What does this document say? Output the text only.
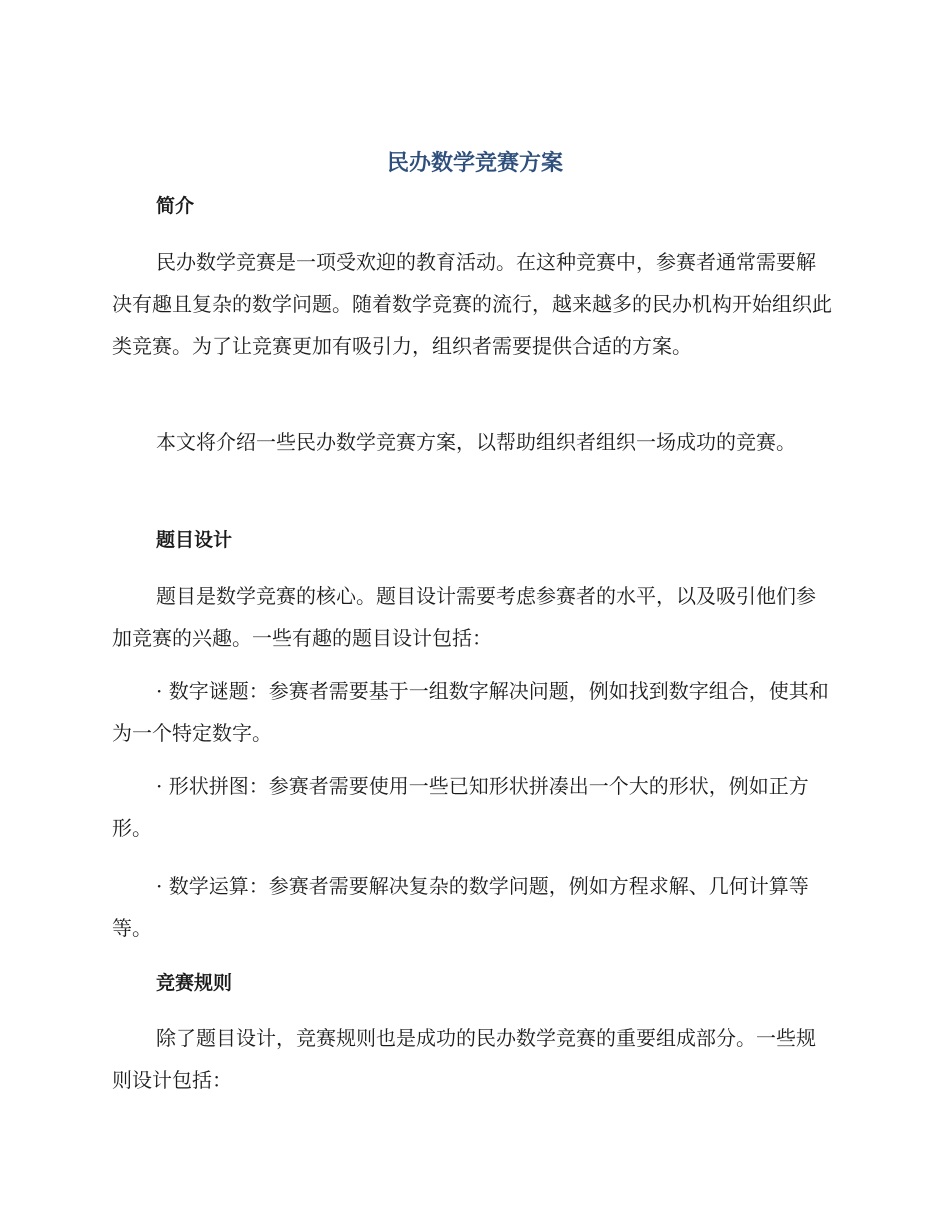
民办数学竞赛方案
简介

民办数学竞赛是一项受欢迎的教育活动。在这种竞赛中，参赛者通常需要解决有趣且复杂的数学问题。随着数学竞赛的流行，越来越多的民办机构开始组织此类竞赛。为了让竞赛更加有吸引力，组织者需要提供合适的方案。

本文将介绍一些民办数学竞赛方案，以帮助组织者组织一场成功的竞赛。

题目设计

题目是数学竞赛的核心。题目设计需要考虑参赛者的水平，以及吸引他们参加竞赛的兴趣。一些有趣的题目设计包括：

· 数字谜题：参赛者需要基于一组数字解决问题，例如找到数字组合，使其和为一个特定数字。

· 形状拼图：参赛者需要使用一些已知形状拼凑出一个大的形状，例如正方形。

· 数学运算：参赛者需要解决复杂的数学问题，例如方程求解、几何计算等等。

竞赛规则

除了题目设计，竞赛规则也是成功的民办数学竞赛的重要组成部分。一些规则设计包括：
